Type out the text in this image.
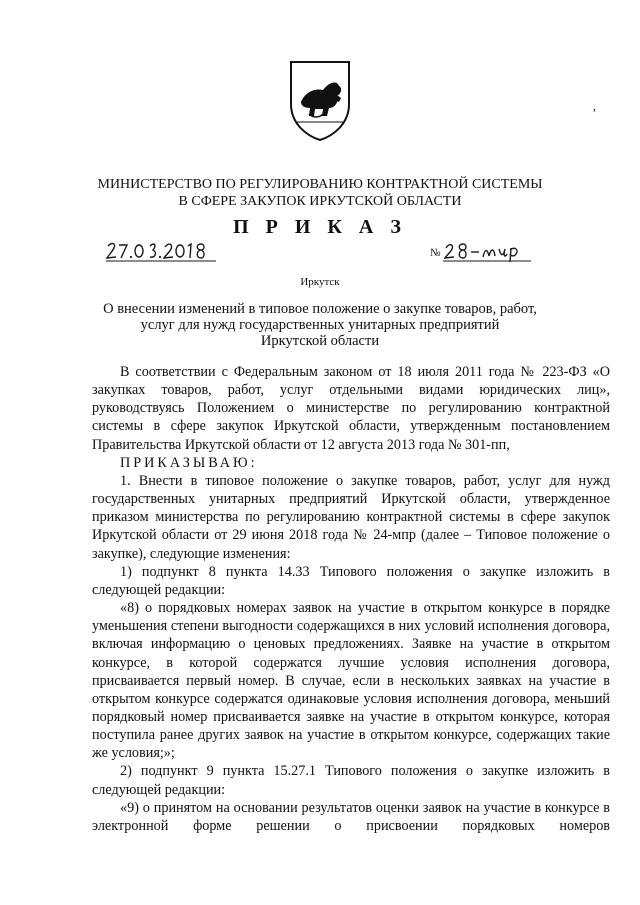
,
МИНИСТЕРСТВО ПО РЕГУЛИРОВАНИЮ КОНТРАКТНОЙ СИСТЕМЫ
В СФЕРЕ ЗАКУПОК ИРКУТСКОЙ ОБЛАСТИ
П Р И К А З
№
Иркутск
О внесении изменений в типовое положение о закупке товаров, работ,
услуг для нужд государственных унитарных предприятий
Иркутской области

В соответствии с Федеральным законом от 18 июля 2011 года № 223-ФЗ «О закупках товаров, работ, услуг отдельными видами юридических лиц», руководствуясь Положением о министерстве по регулированию контрактной системы в сфере закупок Иркутской области, утвержденным постановлением Правительства Иркутской области от 12 августа 2013 года № 301-пп,

ПРИКАЗЫВАЮ:

1. Внести в типовое положение о закупке товаров, работ, услуг для нужд государственных унитарных предприятий Иркутской области, утвержденное приказом министерства по регулированию контрактной системы в сфере закупок Иркутской области от 29 июня 2018 года № 24-мпр (далее – Типовое положение о закупке), следующие изменения:

1) подпункт 8 пункта 14.33 Типового положения о закупке изложить в следующей редакции:

«8) о порядковых номерах заявок на участие в открытом конкурсе в порядке уменьшения степени выгодности содержащихся в них условий исполнения договора, включая информацию о ценовых предложениях. Заявке на участие в открытом конкурсе, в которой содержатся лучшие условия исполнения договора, присваивается первый номер. В случае, если в нескольких заявках на участие в открытом конкурсе содержатся одинаковые условия исполнения договора, меньший порядковый номер присваивается заявке на участие в открытом конкурсе, которая поступила ранее других заявок на участие в открытом конкурсе, содержащих такие же условия;»;

2) подпункт 9 пункта 15.27.1 Типового положения о закупке изложить в следующей редакции:

«9) о принятом на основании результатов оценки заявок на участие в конкурсе в электронной форме решении о присвоении порядковых номеров
